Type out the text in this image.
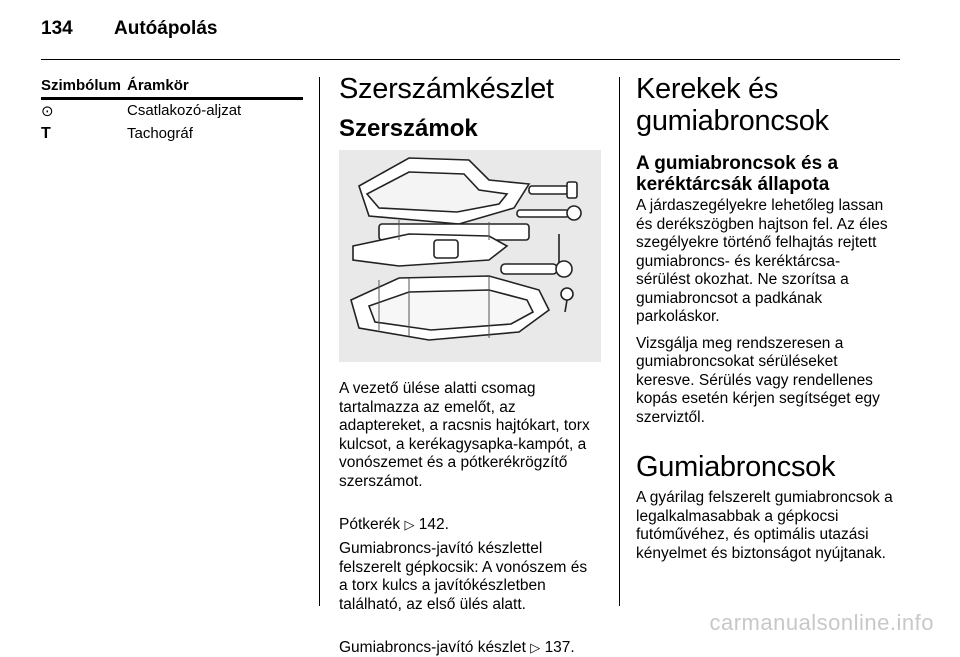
134 Autóápolás
Szimbólum Áramkör
⊙	Csatlakozó-aljzat
T	Tachográf
Szerszámkészlet
Szerszámok

A vezető ülése alatti csomag
tartalmazza az emelőt, az
adaptereket, a racsnis hajtókart, torx
kulcsot, a kerékagysapka-kampót, a
vonószemet és a pótkerékrögzítő
szerszámot.

Pótkerék ▷ 142.

Gumiabroncs-javító készlettel
felszerelt gépkocsik: A vonószem és
a torx kulcs a javítókészletben
található, az első ülés alatt.

Gumiabroncs-javító készlet ▷ 137.

Kerekek és
gumiabroncsok
A gumiabroncsok és a
keréktárcsák állapota

A járdaszegélyekre lehetőleg lassan
és derékszögben hajtson fel. Az éles
szegélyekre történő felhajtás rejtett
gumiabroncs- és keréktárcsa-
sérülést okozhat. Ne szorítsa a
gumiabroncsot a padkának
parkoláskor.

Vizsgálja meg rendszeresen a
gumiabroncsokat sérüléseket
keresve. Sérülés vagy rendellenes
kopás esetén kérjen segítséget egy
szerviztől.

Gumiabroncsok

A gyárilag felszerelt gumiabroncsok a
legalkalmasabbak a gépkocsi
futóművéhez, és optimális utazási
kényelmet és biztonságot nyújtanak.

carmanualsonline.info
